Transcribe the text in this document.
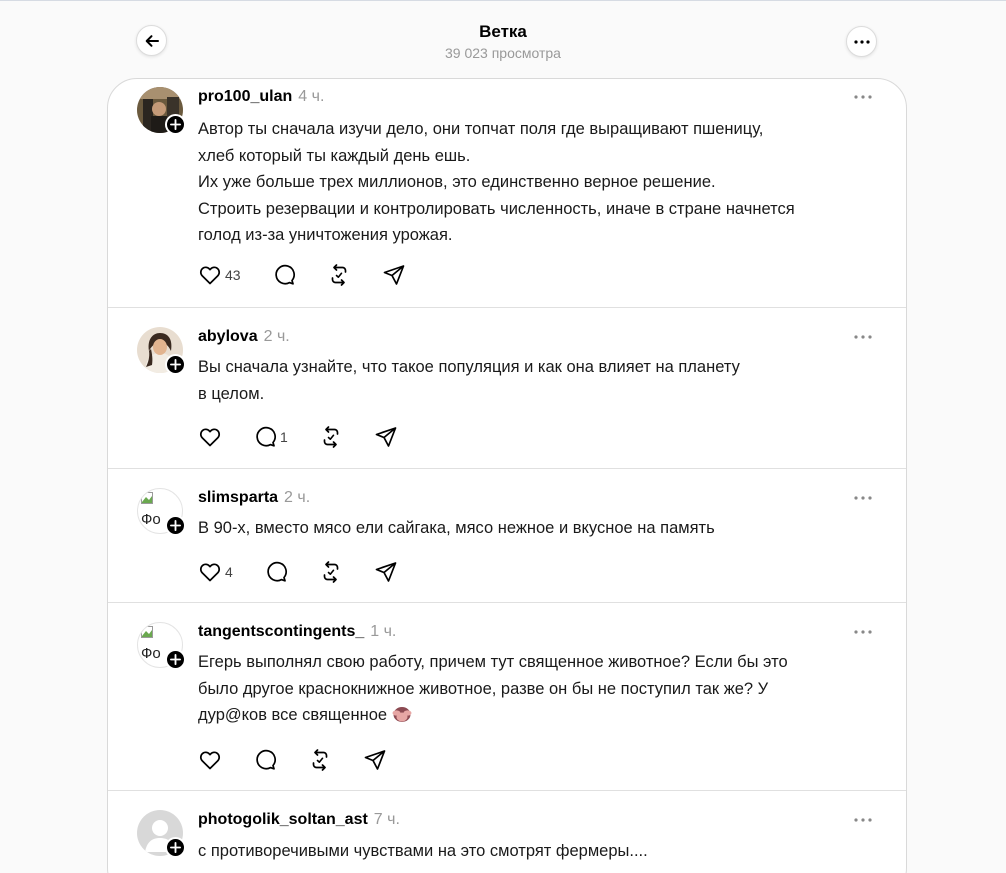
Ветка
39 023 просмотра
pro100_ulan 4 ч.
Автор ты сначала изучи дело, они топчат поля где выращивают пшеницу,
хлеб который ты каждый день ешь.
Их уже больше трех миллионов, это единственно верное решение.
Строить резервации и контролировать численность, иначе в стране начнется
голод из-за уничтожения урожая.
43
abylova 2 ч.
Вы сначала узнайте, что такое популяция и как она влияет на планету
в целом.
1
Фо
slimsparta 2 ч.
В 90-х, вместо мясо ели сайгака, мясо нежное и вкусное на память
4
Фо
tangentscontingents_ 1 ч.
Егерь выполнял свою работу, причем тут священное животное? Если бы это
было другое краснокнижное животное, разве он бы не поступил так же? У
дур@ков все священное
photogolik_soltan_ast 7 ч.
с противоречивыми чувствами на это смотрят фермеры....
